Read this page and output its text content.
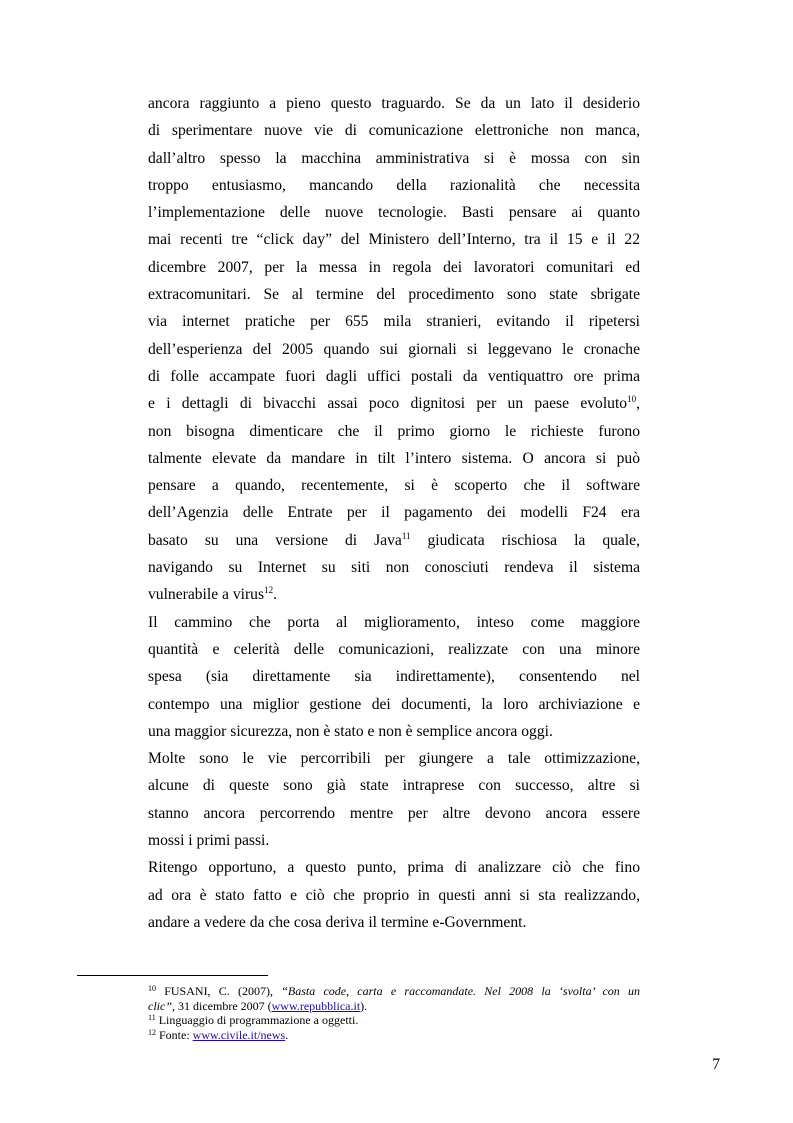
ancora raggiunto a pieno questo traguardo. Se da un lato il desiderio
di sperimentare nuove vie di comunicazione elettroniche non manca,
dall’altro spesso la macchina amministrativa si è mossa con sin
troppo entusiasmo, mancando della razionalità che necessita
l’implementazione delle nuove tecnologie. Basti pensare ai quanto
mai recenti tre “click day” del Ministero dell’Interno, tra il 15 e il 22
dicembre 2007, per la messa in regola dei lavoratori comunitari ed
extracomunitari. Se al termine del procedimento sono state sbrigate
via internet pratiche per 655 mila stranieri, evitando il ripetersi
dell’esperienza del 2005 quando sui giornali si leggevano le cronache
di folle accampate fuori dagli uffici postali da ventiquattro ore prima
e i dettagli di bivacchi assai poco dignitosi per un paese evoluto$^{10}$,
non bisogna dimenticare che il primo giorno le richieste furono
talmente elevate da mandare in tilt l’intero sistema. O ancora si può
pensare a quando, recentemente, si è scoperto che il software
dell’Agenzia delle Entrate per il pagamento dei modelli F24 era
basato su una versione di Java$^{11}$ giudicata rischiosa la quale,
navigando su Internet su siti non conosciuti rendeva il sistema
vulnerabile a virus$^{12}$.
Il cammino che porta al miglioramento, inteso come maggiore
quantità e celerità delle comunicazioni, realizzate con una minore
spesa (sia direttamente sia indirettamente), consentendo nel
contempo una miglior gestione dei documenti, la loro archiviazione e
una maggior sicurezza, non è stato e non è semplice ancora oggi.
Molte sono le vie percorribili per giungere a tale ottimizzazione,
alcune di queste sono già state intraprese con successo, altre si
stanno ancora percorrendo mentre per altre devono ancora essere
mossi i primi passi.
Ritengo opportuno, a questo punto, prima di analizzare ciò che fino
ad ora è stato fatto e ciò che proprio in questi anni si sta realizzando,
andare a vedere da che cosa deriva il termine e-Government.
$^{10}$ FUSANI, C. (2007), “Basta code, carta e raccomandate. Nel 2008 la ‘svolta’ con un
clic”, 31 dicembre 2007 (www.repubblica.it).
$^{11}$ Linguaggio di programmazione a oggetti.
$^{12}$ Fonte: www.civile.it/news.
7
